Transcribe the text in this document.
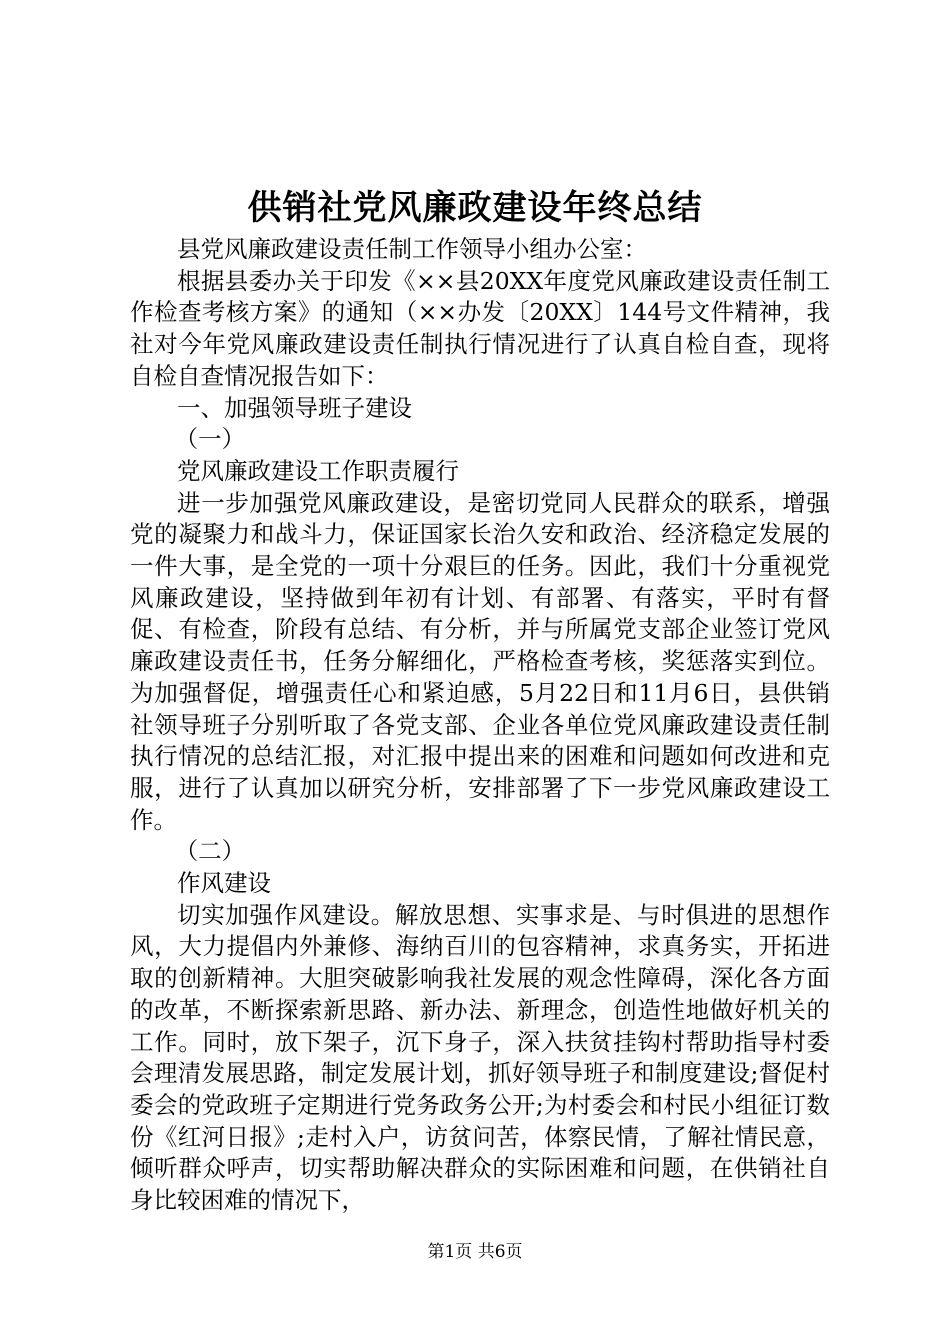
供销社党风廉政建设年终总结

县党风廉政建设责任制工作领导小组办公室：

根据县委办关于印发《××县20XX年度党风廉政建设责任制工作检查考核方案》的通知（××办发〔20XX〕144号文件精神，我社对今年党风廉政建设责任制执行情况进行了认真自检自查，现将自检自查情况报告如下：

一、加强领导班子建设

（一）

党风廉政建设工作职责履行

进一步加强党风廉政建设，是密切党同人民群众的联系，增强党的凝聚力和战斗力，保证国家长治久安和政治、经济稳定发展的一件大事，是全党的一项十分艰巨的任务。因此，我们十分重视党风廉政建设，坚持做到年初有计划、有部署、有落实，平时有督促、有检查，阶段有总结、有分析，并与所属党支部企业签订党风廉政建设责任书，任务分解细化，严格检查考核，奖惩落实到位。为加强督促，增强责任心和紧迫感，5月22日和11月6日，县供销社领导班子分别听取了各党支部、企业各单位党风廉政建设责任制执行情况的总结汇报，对汇报中提出来的困难和问题如何改进和克服，进行了认真加以研究分析，安排部署了下一步党风廉政建设工作。

（二）

作风建设

切实加强作风建设。解放思想、实事求是、与时俱进的思想作风，大力提倡内外兼修、海纳百川的包容精神，求真务实，开拓进取的创新精神。大胆突破影响我社发展的观念性障碍，深化各方面的改革，不断探索新思路、新办法、新理念，创造性地做好机关的工作。同时，放下架子，沉下身子，深入扶贫挂钩村帮助指导村委会理清发展思路，制定发展计划，抓好领导班子和制度建设;督促村委会的党政班子定期进行党务政务公开;为村委会和村民小组征订数份《红河日报》;走村入户，访贫问苦，体察民情，了解社情民意，倾听群众呼声，切实帮助解决群众的实际困难和问题，在供销社自身比较困难的情况下，

第1页 共6页
